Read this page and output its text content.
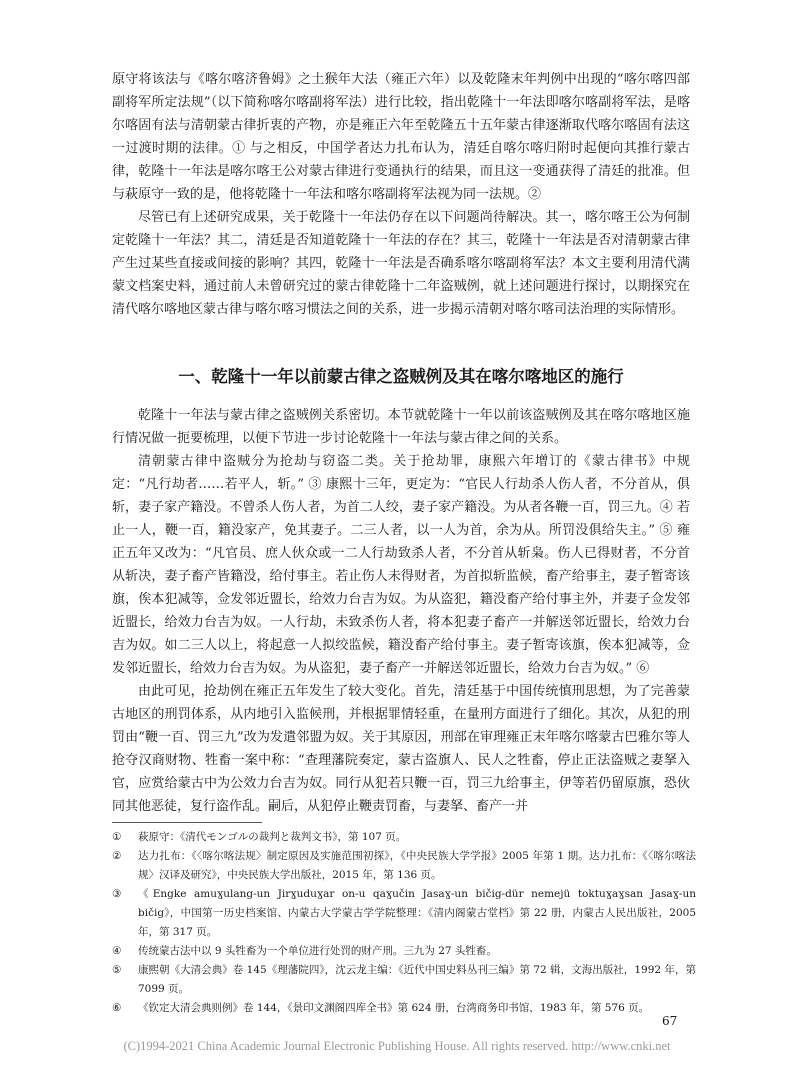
原守将该法与《喀尔喀济鲁姆》之土猴年大法（雍正六年）以及乾隆末年判例中出现的“喀尔喀四部副将军所定法规”（以下简称喀尔喀副将军法）进行比较，指出乾隆十一年法即喀尔喀副将军法，是喀尔喀固有法与清朝蒙古律折衷的产物，亦是雍正六年至乾隆五十五年蒙古律逐渐取代喀尔喀固有法这一过渡时期的法律。① 与之相反，中国学者达力扎布认为，清廷自喀尔喀归附时起便向其推行蒙古律，乾隆十一年法是喀尔喀王公对蒙古律进行变通执行的结果，而且这一变通获得了清廷的批准。但与萩原守一致的是，他将乾隆十一年法和喀尔喀副将军法视为同一法规。②

尽管已有上述研究成果，关于乾隆十一年法仍存在以下问题尚待解决。其一，喀尔喀王公为何制定乾隆十一年法？其二，清廷是否知道乾隆十一年法的存在？其三，乾隆十一年法是否对清朝蒙古律产生过某些直接或间接的影响？其四，乾隆十一年法是否确系喀尔喀副将军法？本文主要利用清代满蒙文档案史料，通过前人未曾研究过的蒙古律乾隆十二年盗贼例，就上述问题进行探讨，以期探究在清代喀尔喀地区蒙古律与喀尔喀习惯法之间的关系，进一步揭示清朝对喀尔喀司法治理的实际情形。

一、乾隆十一年以前蒙古律之盗贼例及其在喀尔喀地区的施行

乾隆十一年法与蒙古律之盗贼例关系密切。本节就乾隆十一年以前该盗贼例及其在喀尔喀地区施行情况做一扼要梳理，以便下节进一步讨论乾隆十一年法与蒙古律之间的关系。

清朝蒙古律中盗贼分为抢劫与窃盗二类。关于抢劫罪，康熙六年增订的《蒙古律书》中规定：“凡行劫者……若平人，斩。” ③ 康熙十三年，更定为：“官民人行劫杀人伤人者，不分首从，俱斩，妻子家产籍没。不曾杀人伤人者，为首二人绞，妻子家产籍没。为从者各鞭一百，罚三九。④ 若止一人，鞭一百，籍没家产，免其妻子。二三人者，以一人为首，余为从。所罚没俱给失主。” ⑤ 雍正五年又改为：“凡官员、庶人伙众或一二人行劫致杀人者，不分首从斩枭。伤人已得财者，不分首从斩决，妻子畜产皆籍没，给付事主。若止伤人未得财者，为首拟斩监候，畜产给事主，妻子暂寄该旗，俟本犯减等，佥发邻近盟长，给效力台吉为奴。为从盗犯，籍没畜产给付事主外，并妻子佥发邻近盟长，给效力台吉为奴。一人行劫，未致杀伤人者，将本犯妻子畜产一并解送邻近盟长，给效力台吉为奴。如二三人以上，将起意一人拟绞监候，籍没畜产给付事主。妻子暂寄该旗，俟本犯减等，佥发邻近盟长，给效力台吉为奴。为从盗犯，妻子畜产一并解送邻近盟长，给效力台吉为奴。” ⑥

由此可见，抢劫例在雍正五年发生了较大变化。首先，清廷基于中国传统慎刑思想，为了完善蒙古地区的刑罚体系，从内地引入监候刑，并根据罪情轻重，在量刑方面进行了细化。其次，从犯的刑罚由“鞭一百、罚三九”改为发遣邻盟为奴。关于其原因，刑部在审理雍正末年喀尔喀蒙古巴雅尔等人抢夺汉商财物、牲畜一案中称：“查理藩院奏定，蒙古盗旗人、民人之牲畜，停止正法盗贼之妻拏入官，应赏给蒙古中为公效力台吉为奴。同行从犯若只鞭一百，罚三九给事主，伊等若仍留原旗，恐伙同其他恶徒，复行盗作乱。嗣后，从犯停止鞭责罚畜，与妻拏、畜产一并

①	萩原守：《清代モンゴルの裁判と裁判文书》，第 107 页。
②	达力扎布：《〈喀尔喀法规〉制定原因及实施范围初探》，《中央民族大学学报》2005 年第 1 期。达力扎布：《〈喀尔喀法规〉汉译及研究》，中央民族大学出版社，2015 年，第 136 页。
③	《Engke amuɣulang-un Jirɣuduɣar on-u qaɣučin Jasaɣ-un bičig-dür nemejü toktuɣaɣsan Jasaɣ-un bičig》，中国第一历史档案馆、内蒙古大学蒙古学学院整理：《清内阁蒙古堂档》第 22 册，内蒙古人民出版社，2005 年，第 317 页。
④	传统蒙古法中以 9 头牲畜为一个单位进行处罚的财产刑。三九为 27 头牲畜。
⑤	康熙朝《大清会典》卷 145《理藩院四》，沈云龙主编：《近代中国史料丛刊三编》第 72 辑，文海出版社，1992 年，第 7099 页。
⑥	《钦定大清会典则例》卷 144，《景印文渊阁四库全书》第 624 册，台湾商务印书馆，1983 年，第 576 页。
67
(C)1994-2021 China Academic Journal Electronic Publishing House. All rights reserved. http://www.cnki.net
